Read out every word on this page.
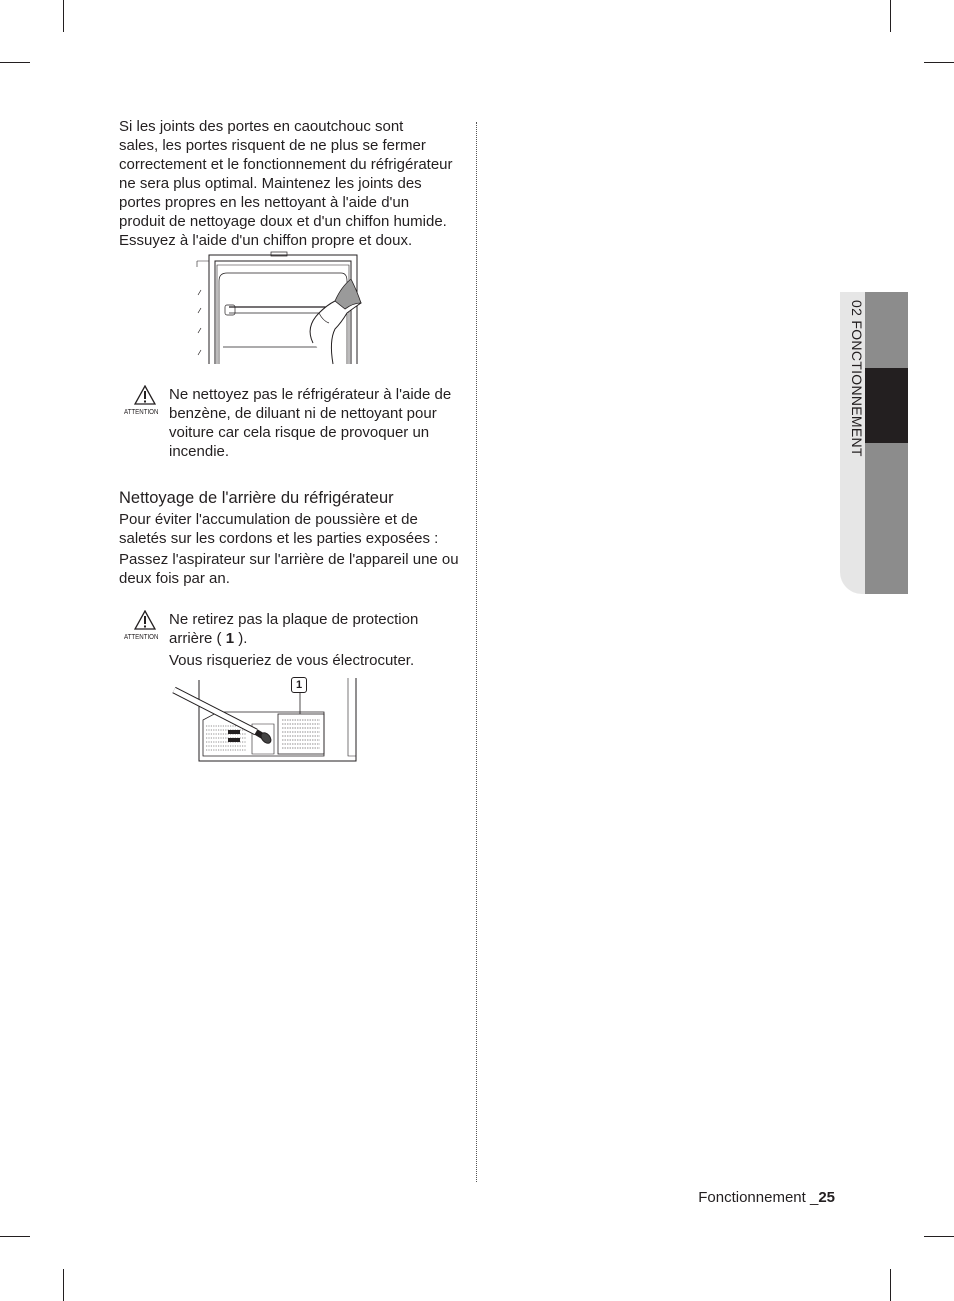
Si les joints des portes en caoutchouc sont
sales, les portes risquent de ne plus se fermer
correctement et le fonctionnement du réfrigérateur
ne sera plus optimal. Maintenez les joints des
portes propres en les nettoyant à l'aide d'un
produit de nettoyage doux et d'un chiffon humide.
Essuyez à l'aide d'un chiffon propre et doux.

ATTENTION
Ne nettoyez pas le réfrigérateur à l'aide de
benzène, de diluant ni de nettoyant pour
voiture car cela risque de provoquer un
incendie.
Nettoyage de l'arrière du réfrigérateur

Pour éviter l'accumulation de poussière et de
saletés sur les cordons et les parties exposées :

Passez l'aspirateur sur l'arrière de l'appareil une ou
deux fois par an.

ATTENTION
Ne retirez pas la plaque de protection
arrière ( 1 ).
Vous risqueriez de vous électrocuter.
1
02 FONCTIONNEMENT
Fonctionnement _25
